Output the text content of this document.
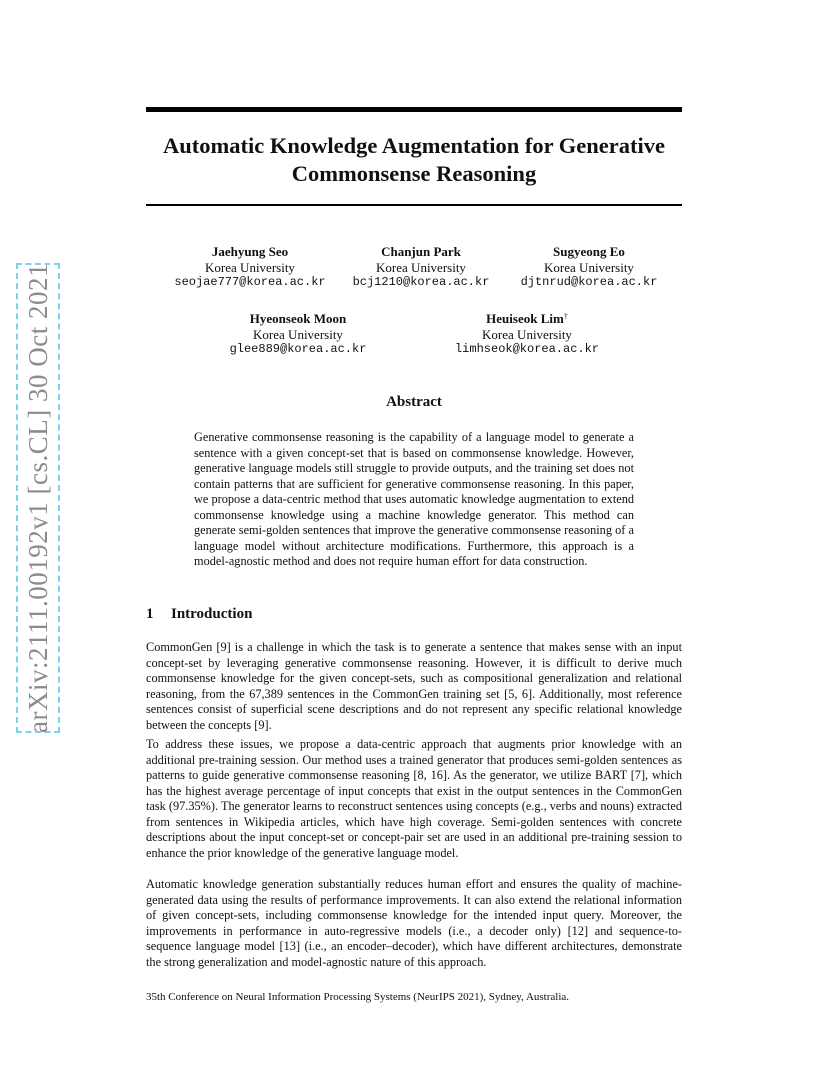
arXiv:2111.00192v1 [cs.CL] 30 Oct 2021
Automatic Knowledge Augmentation for Generative
Commonsense Reasoning
Jaehyung Seo
Korea University
seojae777@korea.ac.kr
Chanjun Park
Korea University
bcj1210@korea.ac.kr
Sugyeong Eo
Korea University
djtnrud@korea.ac.kr
Hyeonseok Moon
Korea University
glee889@korea.ac.kr
Heuiseok Lim†
Korea University
limhseok@korea.ac.kr
Abstract

Generative commonsense reasoning is the capability of a language model to generate a sentence with a given concept-set that is based on commonsense knowledge. However, generative language models still struggle to provide outputs, and the training set does not contain patterns that are sufficient for generative commonsense reasoning. In this paper, we propose a data-centric method that uses automatic knowledge augmentation to extend commonsense knowledge using a machine knowledge generator. This method can generate semi-golden sentences that improve the generative commonsense reasoning of a language model without architecture modifications. Furthermore, this approach is a model-agnostic method and does not require human effort for data construction.

1 Introduction

CommonGen [9] is a challenge in which the task is to generate a sentence that makes sense with an input concept-set by leveraging generative commonsense reasoning. However, it is difficult to derive much commonsense knowledge for the given concept-sets, such as compositional generalization and relational reasoning, from the 67,389 sentences in the CommonGen training set [5, 6]. Additionally, most reference sentences consist of superficial scene descriptions and do not represent any specific relational knowledge between the concepts [9].

To address these issues, we propose a data-centric approach that augments prior knowledge with an additional pre-training session. Our method uses a trained generator that produces semi-golden sentences as patterns to guide generative commonsense reasoning [8, 16]. As the generator, we utilize BART [7], which has the highest average percentage of input concepts that exist in the output sentences in the CommonGen task (97.35%). The generator learns to reconstruct sentences using concepts (e.g., verbs and nouns) extracted from sentences in Wikipedia articles, which have high coverage. Semi-golden sentences with concrete descriptions about the input concept-set or concept-pair set are used in an additional pre-training session to enhance the prior knowledge of the generative language model.

Automatic knowledge generation substantially reduces human effort and ensures the quality of machine-generated data using the results of performance improvements. It can also extend the relational information of given concept-sets, including commonsense knowledge for the intended input query. Moreover, the improvements in performance in auto-regressive models (i.e., a decoder only) [12] and sequence-to-sequence language model [13] (i.e., an encoder–decoder), which have different architectures, demonstrate the strong generalization and model-agnostic nature of this approach.

35th Conference on Neural Information Processing Systems (NeurIPS 2021), Sydney, Australia.
